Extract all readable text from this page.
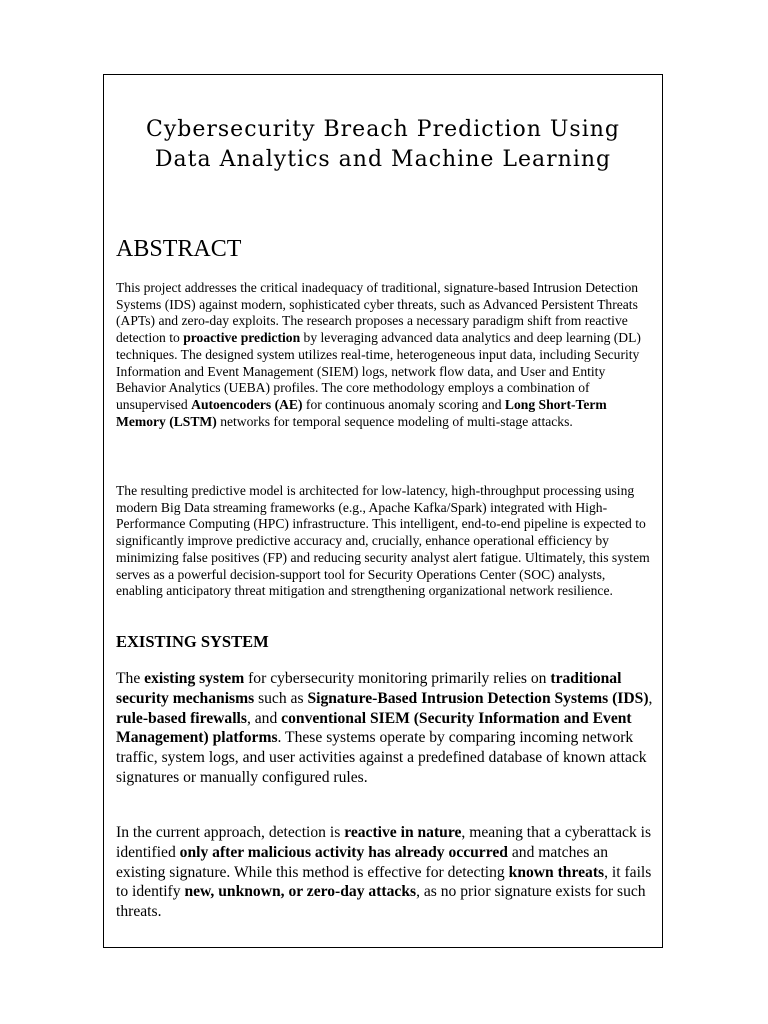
Cybersecurity Breach Prediction Using
Data Analytics and Machine Learning
ABSTRACT

This project addresses the critical inadequacy of traditional, signature-based Intrusion Detection Systems (IDS) against modern, sophisticated cyber threats, such as Advanced Persistent Threats (APTs) and zero-day exploits. The research proposes a necessary paradigm shift from reactive detection to proactive prediction by leveraging advanced data analytics and deep learning (DL) techniques. The designed system utilizes real-time, heterogeneous input data, including Security Information and Event Management (SIEM) logs, network flow data, and User and Entity Behavior Analytics (UEBA) profiles. The core methodology employs a combination of unsupervised Autoencoders (AE) for continuous anomaly scoring and Long Short-Term Memory (LSTM) networks for temporal sequence modeling of multi-stage attacks.

The resulting predictive model is architected for low-latency, high-throughput processing using modern Big Data streaming frameworks (e.g., Apache Kafka/Spark) integrated with High-Performance Computing (HPC) infrastructure. This intelligent, end-to-end pipeline is expected to significantly improve predictive accuracy and, crucially, enhance operational efficiency by minimizing false positives (FP) and reducing security analyst alert fatigue. Ultimately, this system serves as a powerful decision-support tool for Security Operations Center (SOC) analysts, enabling anticipatory threat mitigation and strengthening organizational network resilience.

EXISTING SYSTEM

The existing system for cybersecurity monitoring primarily relies on traditional security mechanisms such as Signature-Based Intrusion Detection Systems (IDS), rule-based firewalls, and conventional SIEM (Security Information and Event Management) platforms. These systems operate by comparing incoming network traffic, system logs, and user activities against a predefined database of known attack signatures or manually configured rules.

In the current approach, detection is reactive in nature, meaning that a cyberattack is identified only after malicious activity has already occurred and matches an existing signature. While this method is effective for detecting known threats, it fails to identify new, unknown, or zero-day attacks, as no prior signature exists for such threats.
